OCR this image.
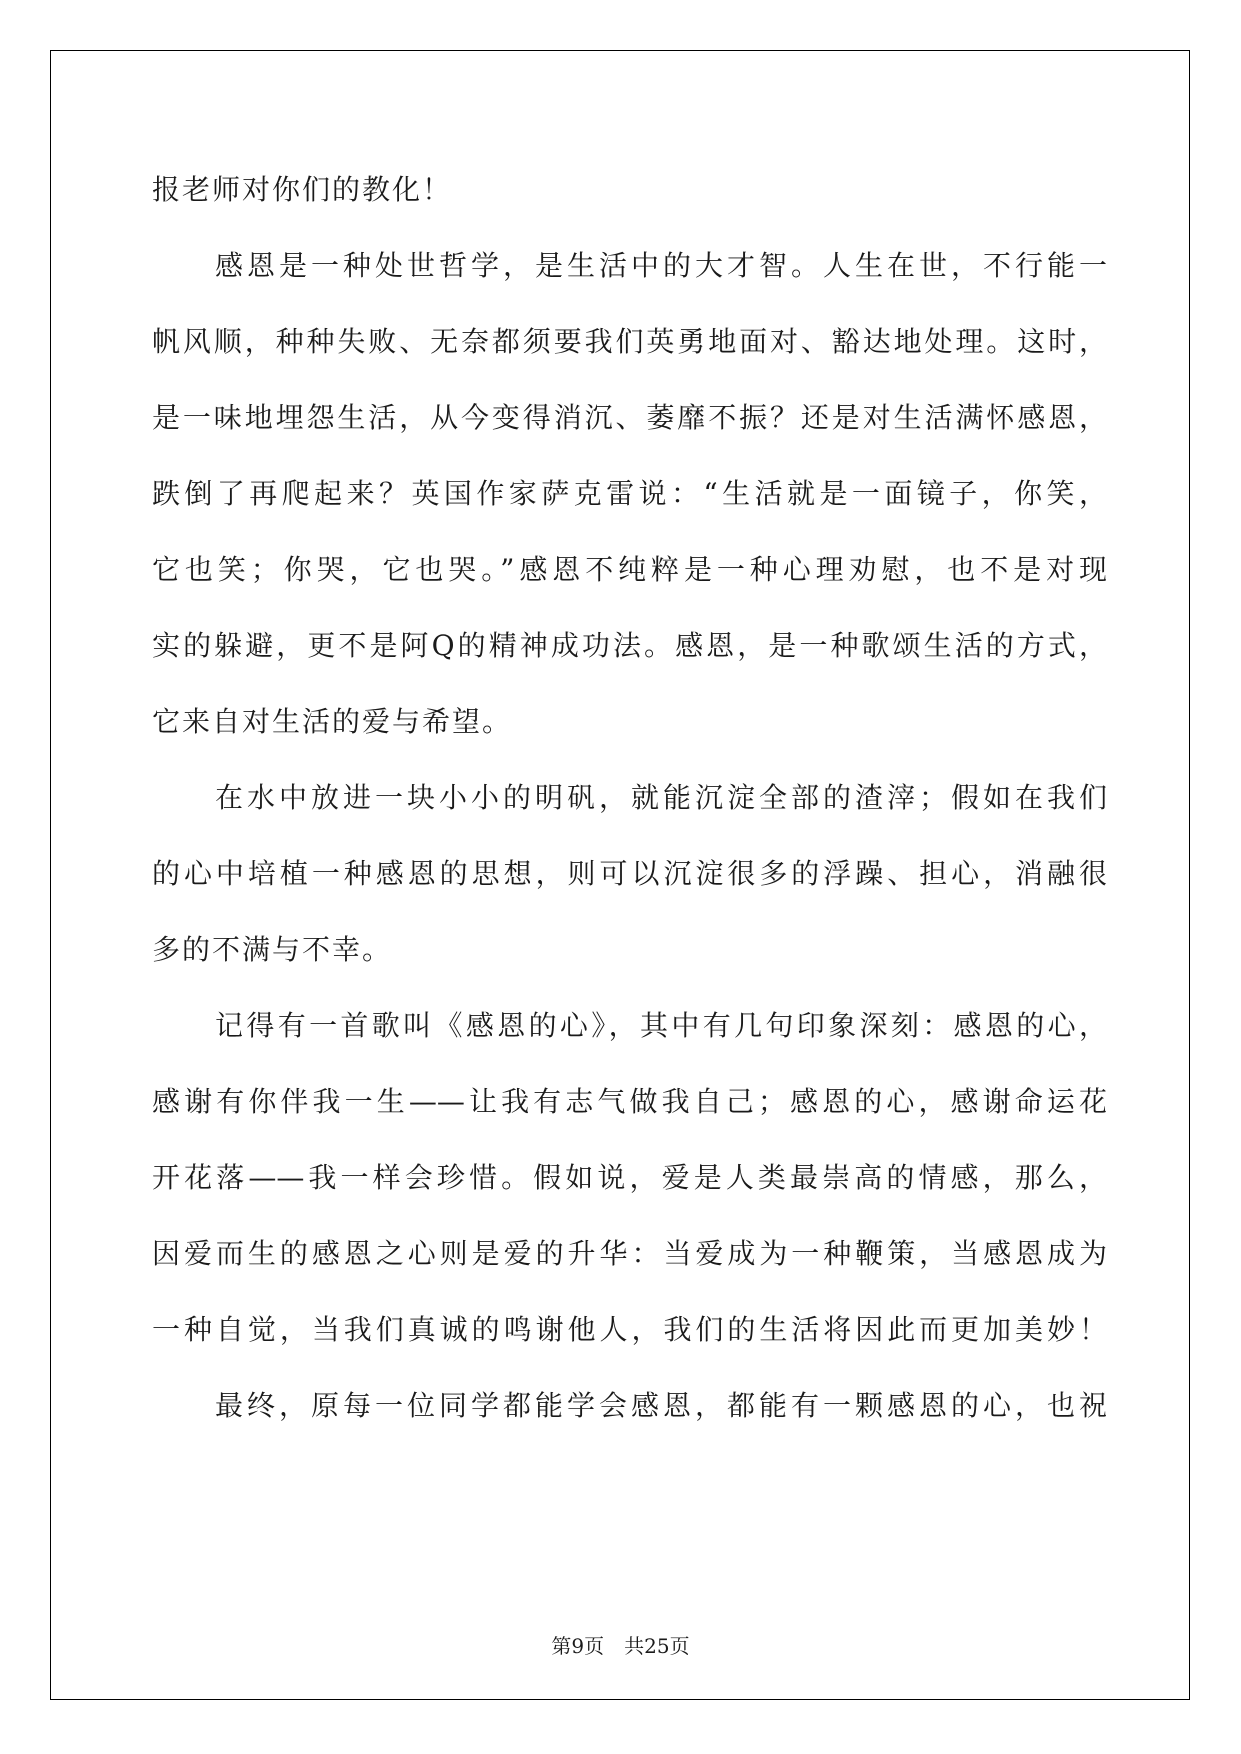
报老师对你们的教化！
感恩是一种处世哲学，是生活中的大才智。人生在世，不行能一
帆风顺，种种失败、无奈都须要我们英勇地面对、豁达地处理。这时，
是一味地埋怨生活，从今变得消沉、萎靡不振？还是对生活满怀感恩，
跌倒了再爬起来？英国作家萨克雷说：“生活就是一面镜子，你笑，
它也笑；你哭，它也哭。”感恩不纯粹是一种心理劝慰，也不是对现
实的躲避，更不是阿Q的精神成功法。感恩，是一种歌颂生活的方式，
它来自对生活的爱与希望。
在水中放进一块小小的明矾，就能沉淀全部的渣滓；假如在我们
的心中培植一种感恩的思想，则可以沉淀很多的浮躁、担心，消融很
多的不满与不幸。
记得有一首歌叫《感恩的心》，其中有几句印象深刻：感恩的心，
感谢有你伴我一生——让我有志气做我自己；感恩的心，感谢命运花
开花落——我一样会珍惜。假如说，爱是人类最崇高的情感，那么，
因爱而生的感恩之心则是爱的升华：当爱成为一种鞭策，当感恩成为
一种自觉，当我们真诚的鸣谢他人，我们的生活将因此而更加美妙！
最终，原每一位同学都能学会感恩，都能有一颗感恩的心，也祝
第9页 共25页
